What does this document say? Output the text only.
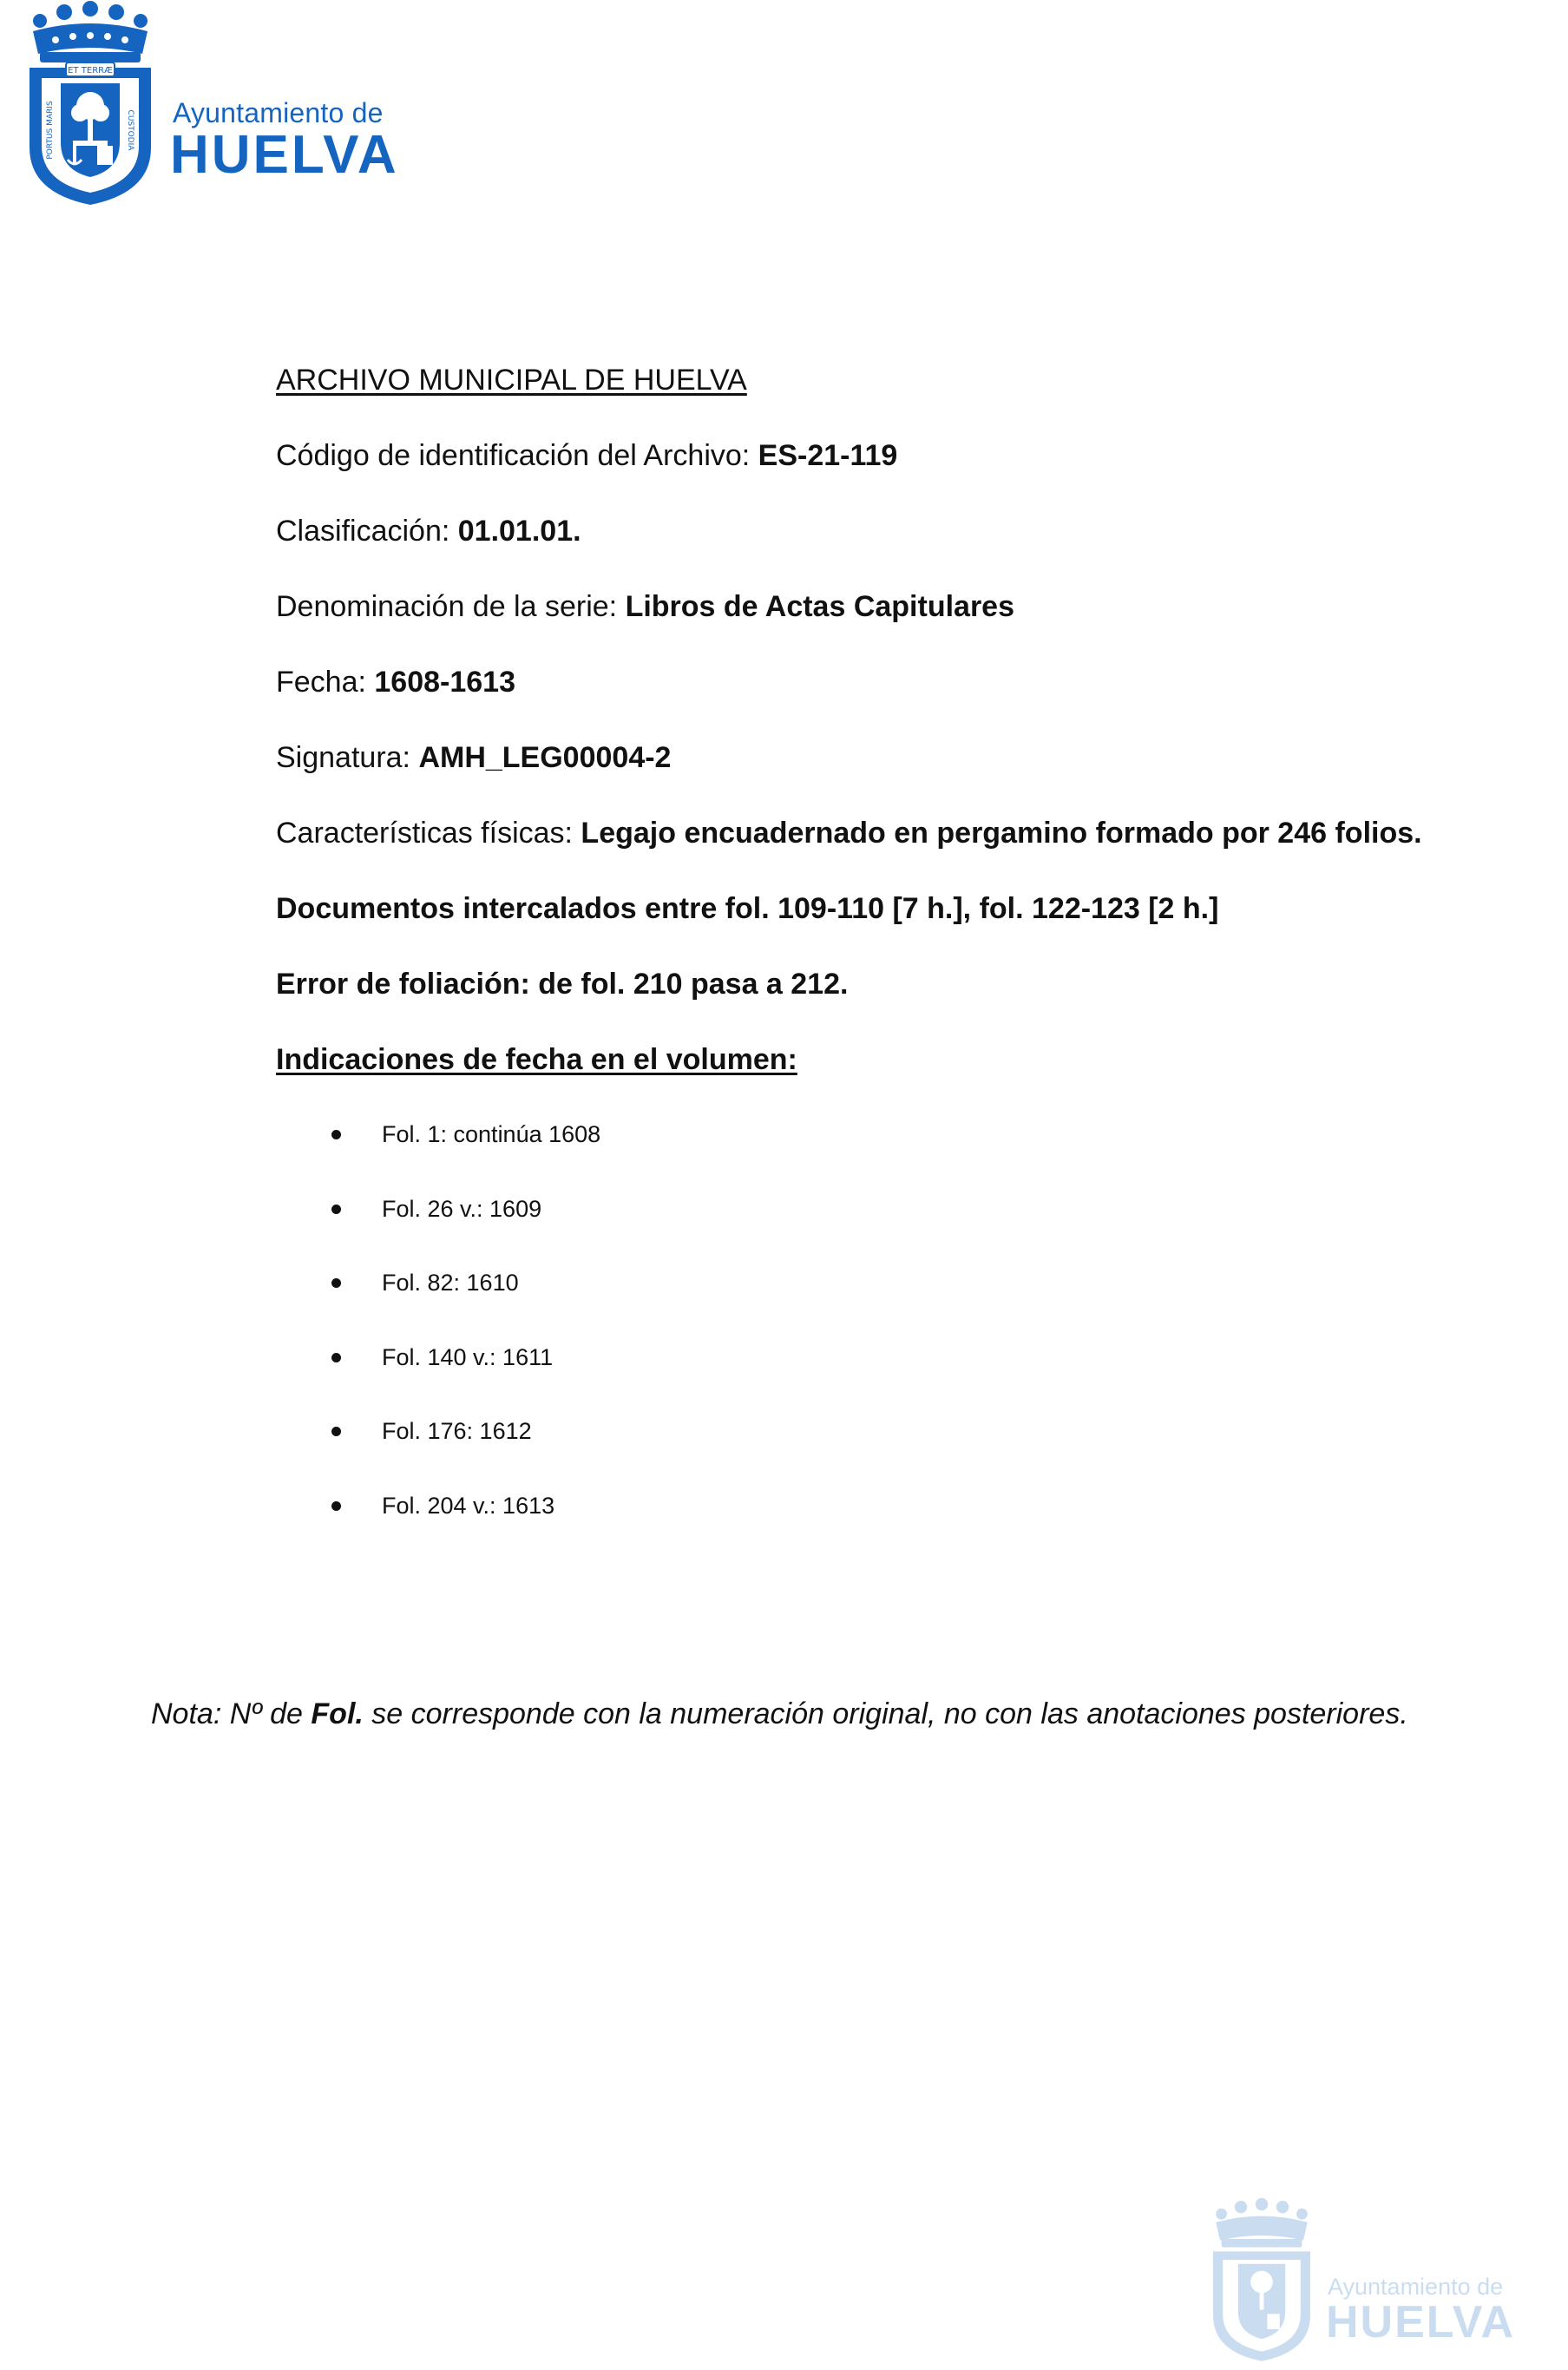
ET TERRÆ
PORTUS MARIS	CUSTODIA Ayuntamiento de
HUELVA
ARCHIVO MUNICIPAL DE HUELVA
Código de identificación del Archivo: ES-21-119
Clasificación: 01.01.01.
Denominación de la serie: Libros de Actas Capitulares
Fecha: 1608-1613
Signatura: AMH_LEG00004-2
Características físicas: Legajo encuadernado en pergamino formado por 246 folios.
Documentos intercalados entre fol. 109-110 [7 h.], fol. 122-123 [2 h.]
Error de foliación: de fol. 210 pasa a 212.
Indicaciones de fecha en el volumen:
Fol. 1: continúa 1608
Fol. 26 v.: 1609
Fol. 82: 1610
Fol. 140 v.: 1611
Fol. 176: 1612
Fol. 204 v.: 1613
Nota: Nº de Fol. se corresponde con la numeración original, no con las anotaciones posteriores.
Ayuntamiento de
HUELVA
